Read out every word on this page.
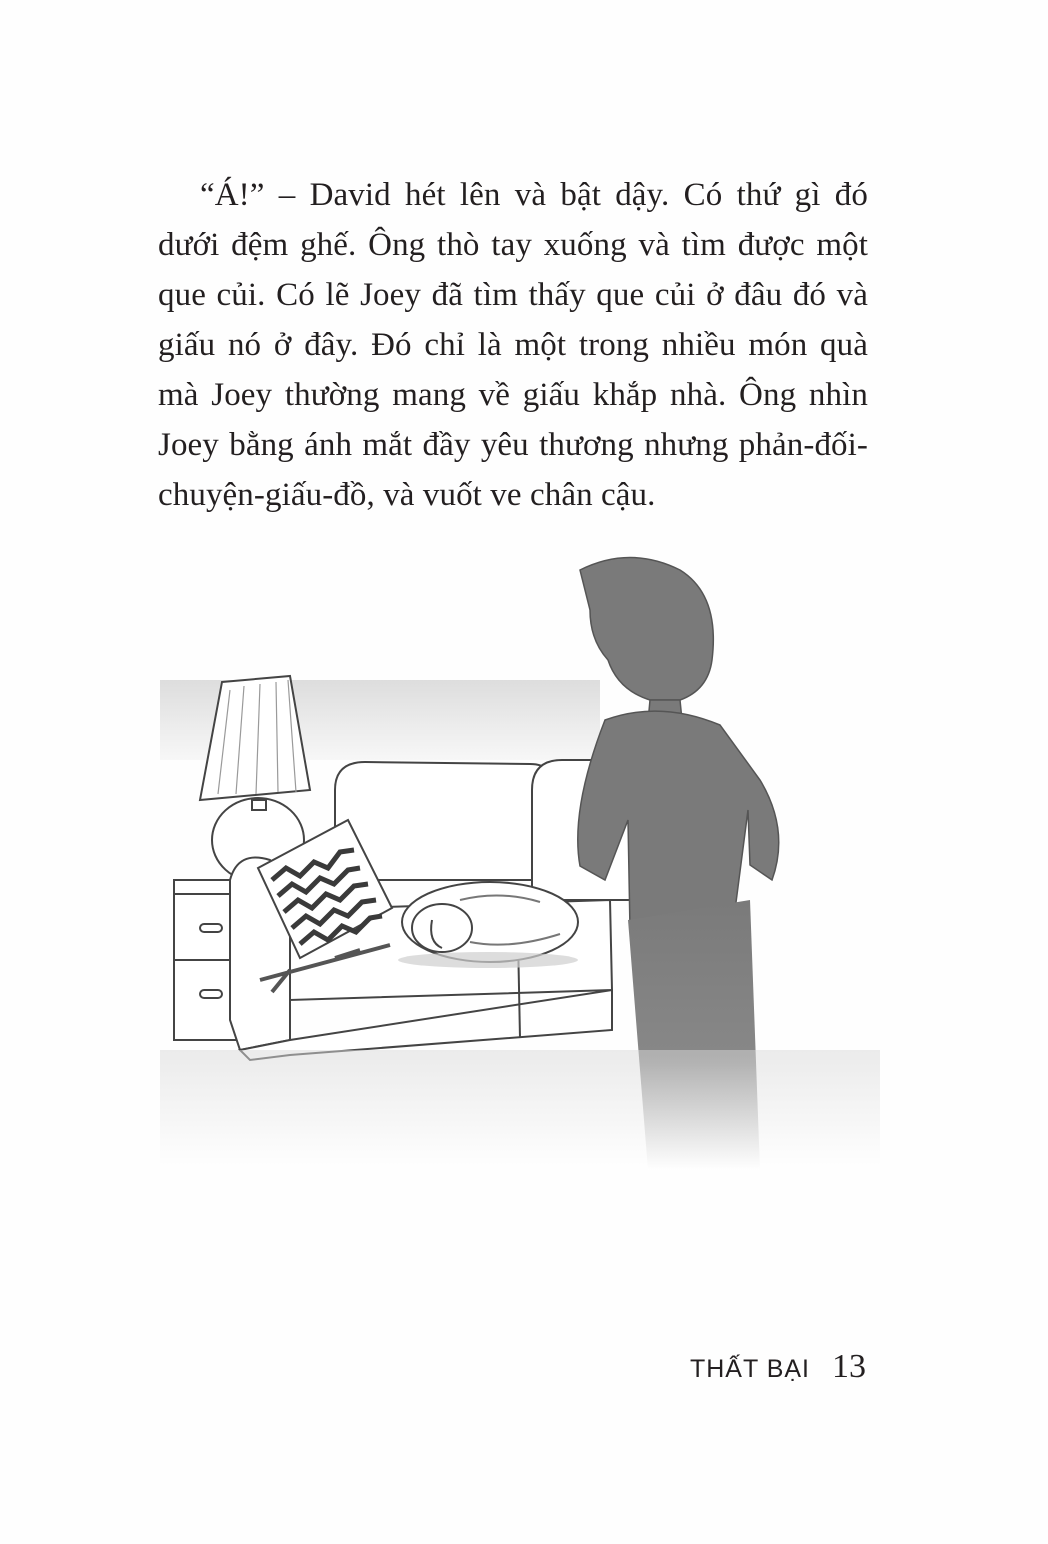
“Á!” – David hét lên và bật dậy. Có thứ gì đó dưới đệm ghế. Ông thò tay xuống và tìm được một que củi. Có lẽ Joey đã tìm thấy que củi ở đâu đó và giấu nó ở đây. Đó chỉ là một trong nhiều món quà mà Joey thường mang về giấu khắp nhà. Ông nhìn Joey bằng ánh mắt đầy yêu thương nhưng phản-đối-chuyện-giấu-đồ, và vuốt ve chân cậu.

THẤT BẠI 13
